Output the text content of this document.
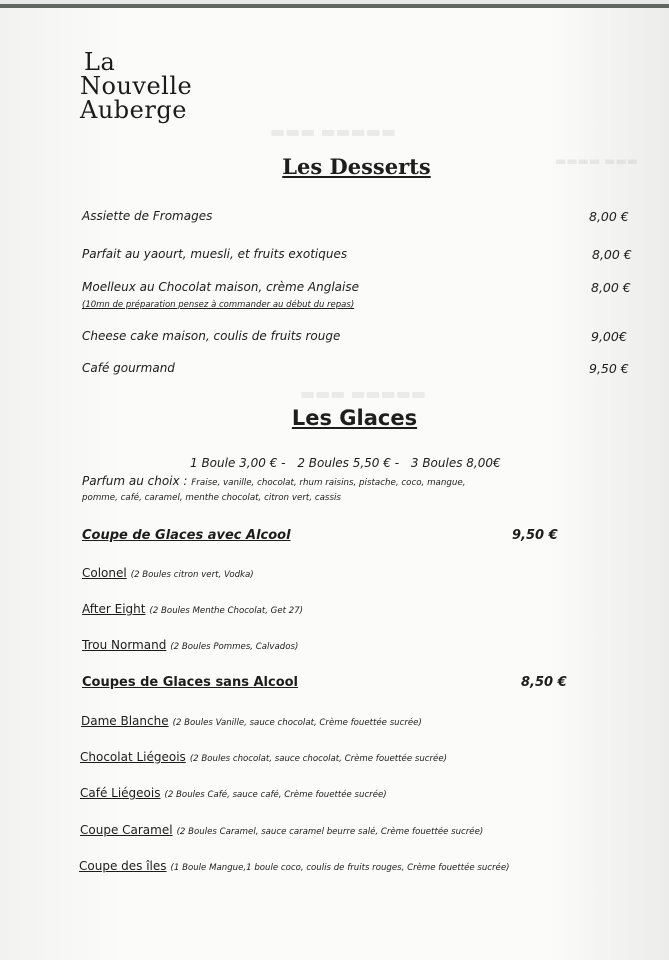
▬▬▬ ▬▬▬▬▬
▬▬▬▬ ▬▬▬
▬▬▬ ▬▬▬▬▬
La
Nouvelle
Auberge
Les Desserts
Assiette de Fromages	8,00 €
Parfait au yaourt, muesli, et fruits exotiques	8,00 €
Moelleux au Chocolat maison, crème Anglaise	8,00 €
(10mn de préparation pensez à commander au début du repas)
Cheese cake maison, coulis de fruits rouge	9,00€
Café gourmand	9,50 €
Les Glaces
1 Boule 3,00 € - 2 Boules 5,50 € - 3 Boules 8,00€
Parfum au choix : Fraise, vanille, chocolat, rhum raisins, pistache, coco, mangue,
pomme, café, caramel, menthe chocolat, citron vert, cassis
Coupe de Glaces avec Alcool	9,50 €
Colonel (2 Boules citron vert, Vodka)
After Eight (2 Boules Menthe Chocolat, Get 27)
Trou Normand (2 Boules Pommes, Calvados)
Coupes de Glaces sans Alcool	8,50 €
Dame Blanche (2 Boules Vanille, sauce chocolat, Crème fouettée sucrée)
Chocolat Liégeois (2 Boules chocolat, sauce chocolat, Crème fouettée sucrée)
Café Liégeois (2 Boules Café, sauce café, Crème fouettée sucrée)
Coupe Caramel (2 Boules Caramel, sauce caramel beurre salé, Crème fouettée sucrée)
Coupe des îles (1 Boule Mangue,1 boule coco, coulis de fruits rouges, Crème fouettée sucrée)
